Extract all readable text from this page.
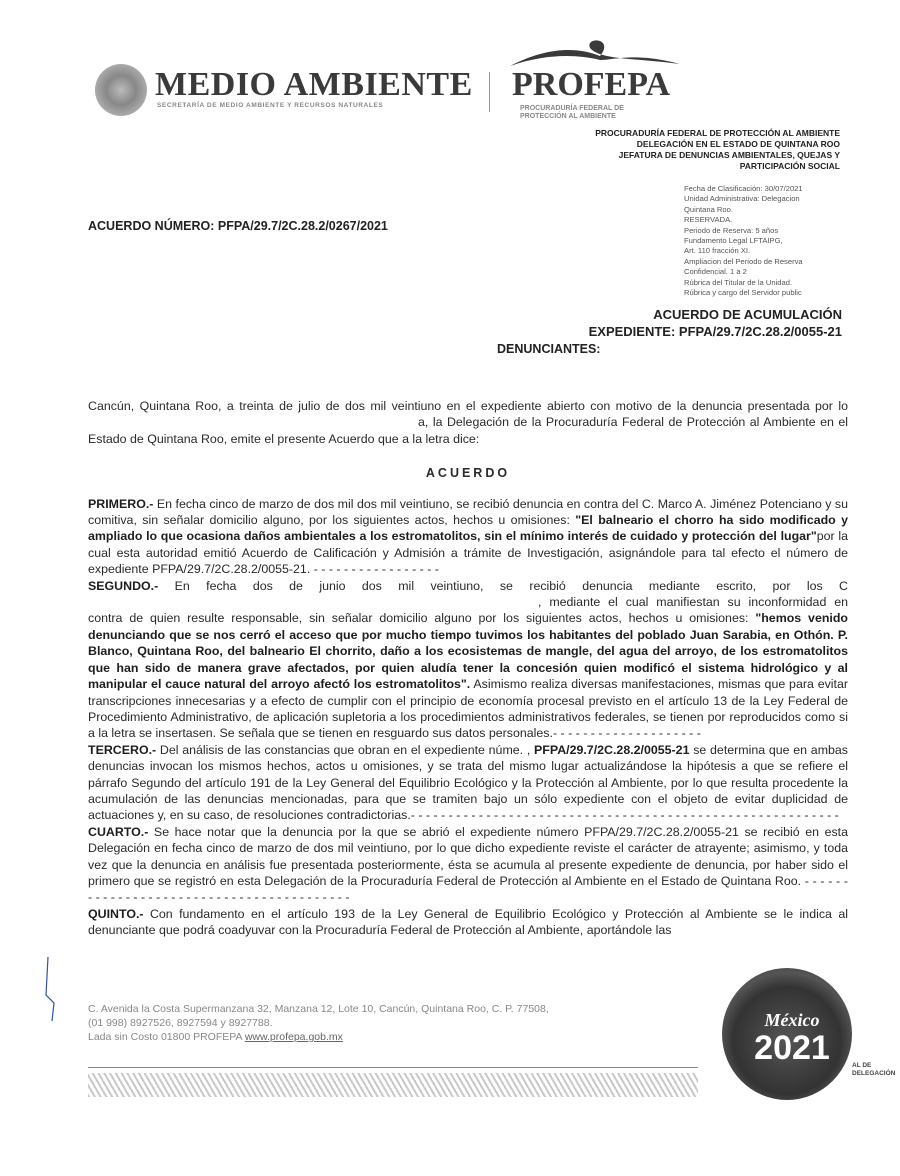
MEDIO AMBIENTE
SECRETARÍA DE MEDIO AMBIENTE Y RECURSOS NATURALES
PROFEPA
PROCURADURÍA FEDERAL DE
PROTECCIÓN AL AMBIENTE
PROCURADURÍA FEDERAL DE PROTECCIÓN AL AMBIENTE
DELEGACIÓN EN EL ESTADO DE QUINTANA ROO
JEFATURA DE DENUNCIAS AMBIENTALES, QUEJAS Y
PARTICIPACIÓN SOCIAL
Fecha de Clasificación: 30/07/2021
Unidad Administrativa: Delegacion
Quintana Roo.
RESERVADA.
Periodo de Reserva: 5 años
Fundamento Legal LFTAIPG,
Art. 110 fracción XI.
Ampliacion del Periodo de Reserva
Confidencial. 1 a 2
Rúbrica del Titular de la Unidad.
Rúbrica y cargo del Servidor public
ACUERDO NÚMERO: PFPA/29.7/2C.28.2/0267/2021
ACUERDO DE ACUMULACIÓN
EXPEDIENTE: PFPA/29.7/2C.28.2/0055-21
DENUNCIANTES:

Cancún, Quintana Roo, a treinta de julio de dos mil veintiuno en el expediente abierto con motivo de la denuncia presentada por loa, la Delegación de la Procuraduría Federal de Protección al Ambiente en el Estado de Quintana Roo, emite el presente Acuerdo que a la letra dice:

ACUERDO

PRIMERO.- En fecha cinco de marzo de dos mil dos mil veintiuno, se recibió denuncia en contra del C. Marco A. Jiménez Potenciano y su comitiva, sin señalar domicilio alguno, por los siguientes actos, hechos u omisiones: "El balneario el chorro ha sido modificado y ampliado lo que ocasiona daños ambientales a los estromatolitos, sin el mínimo interés de cuidado y protección del lugar"por la cual esta autoridad emitió Acuerdo de Calificación y Admisión a trámite de Investigación, asignándole para tal efecto el número de expediente PFPA/29.7/2C.28.2/0055-21. - - - - - - - - - - - - - - - - -

SEGUNDO.- En fecha dos de junio dos mil veintiuno, se recibió denuncia mediante escrito, por los C, mediante el cual manifiestan su inconformidad en contra de quien resulte responsable, sin señalar domicilio alguno por los siguientes actos, hechos u omisiones: "hemos venido denunciando que se nos cerró el acceso que por mucho tiempo tuvimos los habitantes del poblado Juan Sarabia, en Othón. P. Blanco, Quintana Roo, del balneario El chorrito, daño a los ecosistemas de mangle, del agua del arroyo, de los estromatolitos que han sido de manera grave afectados, por quien aludía tener la concesión quien modificó el sistema hidrológico y al manipular el cauce natural del arroyo afectó los estromatolitos". Asimismo realiza diversas manifestaciones, mismas que para evitar transcripciones innecesarias y a efecto de cumplir con el principio de economía procesal previsto en el artículo 13 de la Ley Federal de Procedimiento Administrativo, de aplicación supletoria a los procedimientos administrativos federales, se tienen por reproducidos como si a la letra se insertasen. Se señala que se tienen en resguardo sus datos personales.- - - - - - - - - - - - - - - - - - - -

TERCERO.- Del análisis de las constancias que obran en el expediente núme. , PFPA/29.7/2C.28.2/0055-21 se determina que en ambas denuncias invocan los mismos hechos, actos u omisiones, y se trata del mismo lugar actualizándose la hipótesis a que se refiere el párrafo Segundo del artículo 191 de la Ley General del Equilibrio Ecológico y la Protección al Ambiente, por lo que resulta procedente la acumulación de las denuncias mencionadas, para que se tramiten bajo un sólo expediente con el objeto de evitar duplicidad de actuaciones y, en su caso, de resoluciones contradictorias.- - - - - - - - - - - - - - - - - - - - - - - - - - - - - - - - - - - - - - - - - - - - - - - - - - - - - - - - -

CUARTO.- Se hace notar que la denuncia por la que se abrió el expediente número PFPA/29.7/2C.28.2/0055-21 se recibió en esta Delegación en fecha cinco de marzo de dos mil veintiuno, por lo que dicho expediente reviste el carácter de atrayente; asimismo, y toda vez que la denuncia en análisis fue presentada posteriormente, ésta se acumula al presente expediente de denuncia, por haber sido el primero que se registró en esta Delegación de la Procuraduría Federal de Protección al Ambiente en el Estado de Quintana Roo. - - - - - - - - - - - - - - - - - - - - - - - - - - - - - - - - - - - - - - - - -

QUINTO.- Con fundamento en el artículo 193 de la Ley General de Equilibrio Ecológico y Protección al Ambiente se le indica al denunciante que podrá coadyuvar con la Procuraduría Federal de Protección al Ambiente, aportándole las

C. Avenida la Costa Supermanzana 32, Manzana 12, Lote 10, Cancún, Quintana Roo, C. P. 77508,
(01 998) 8927526, 8927594 y 8927788.
Lada sin Costo 01800 PROFEPA www.profepa.gob.mx
México
2021	AL DE
DELEGACIÓN
